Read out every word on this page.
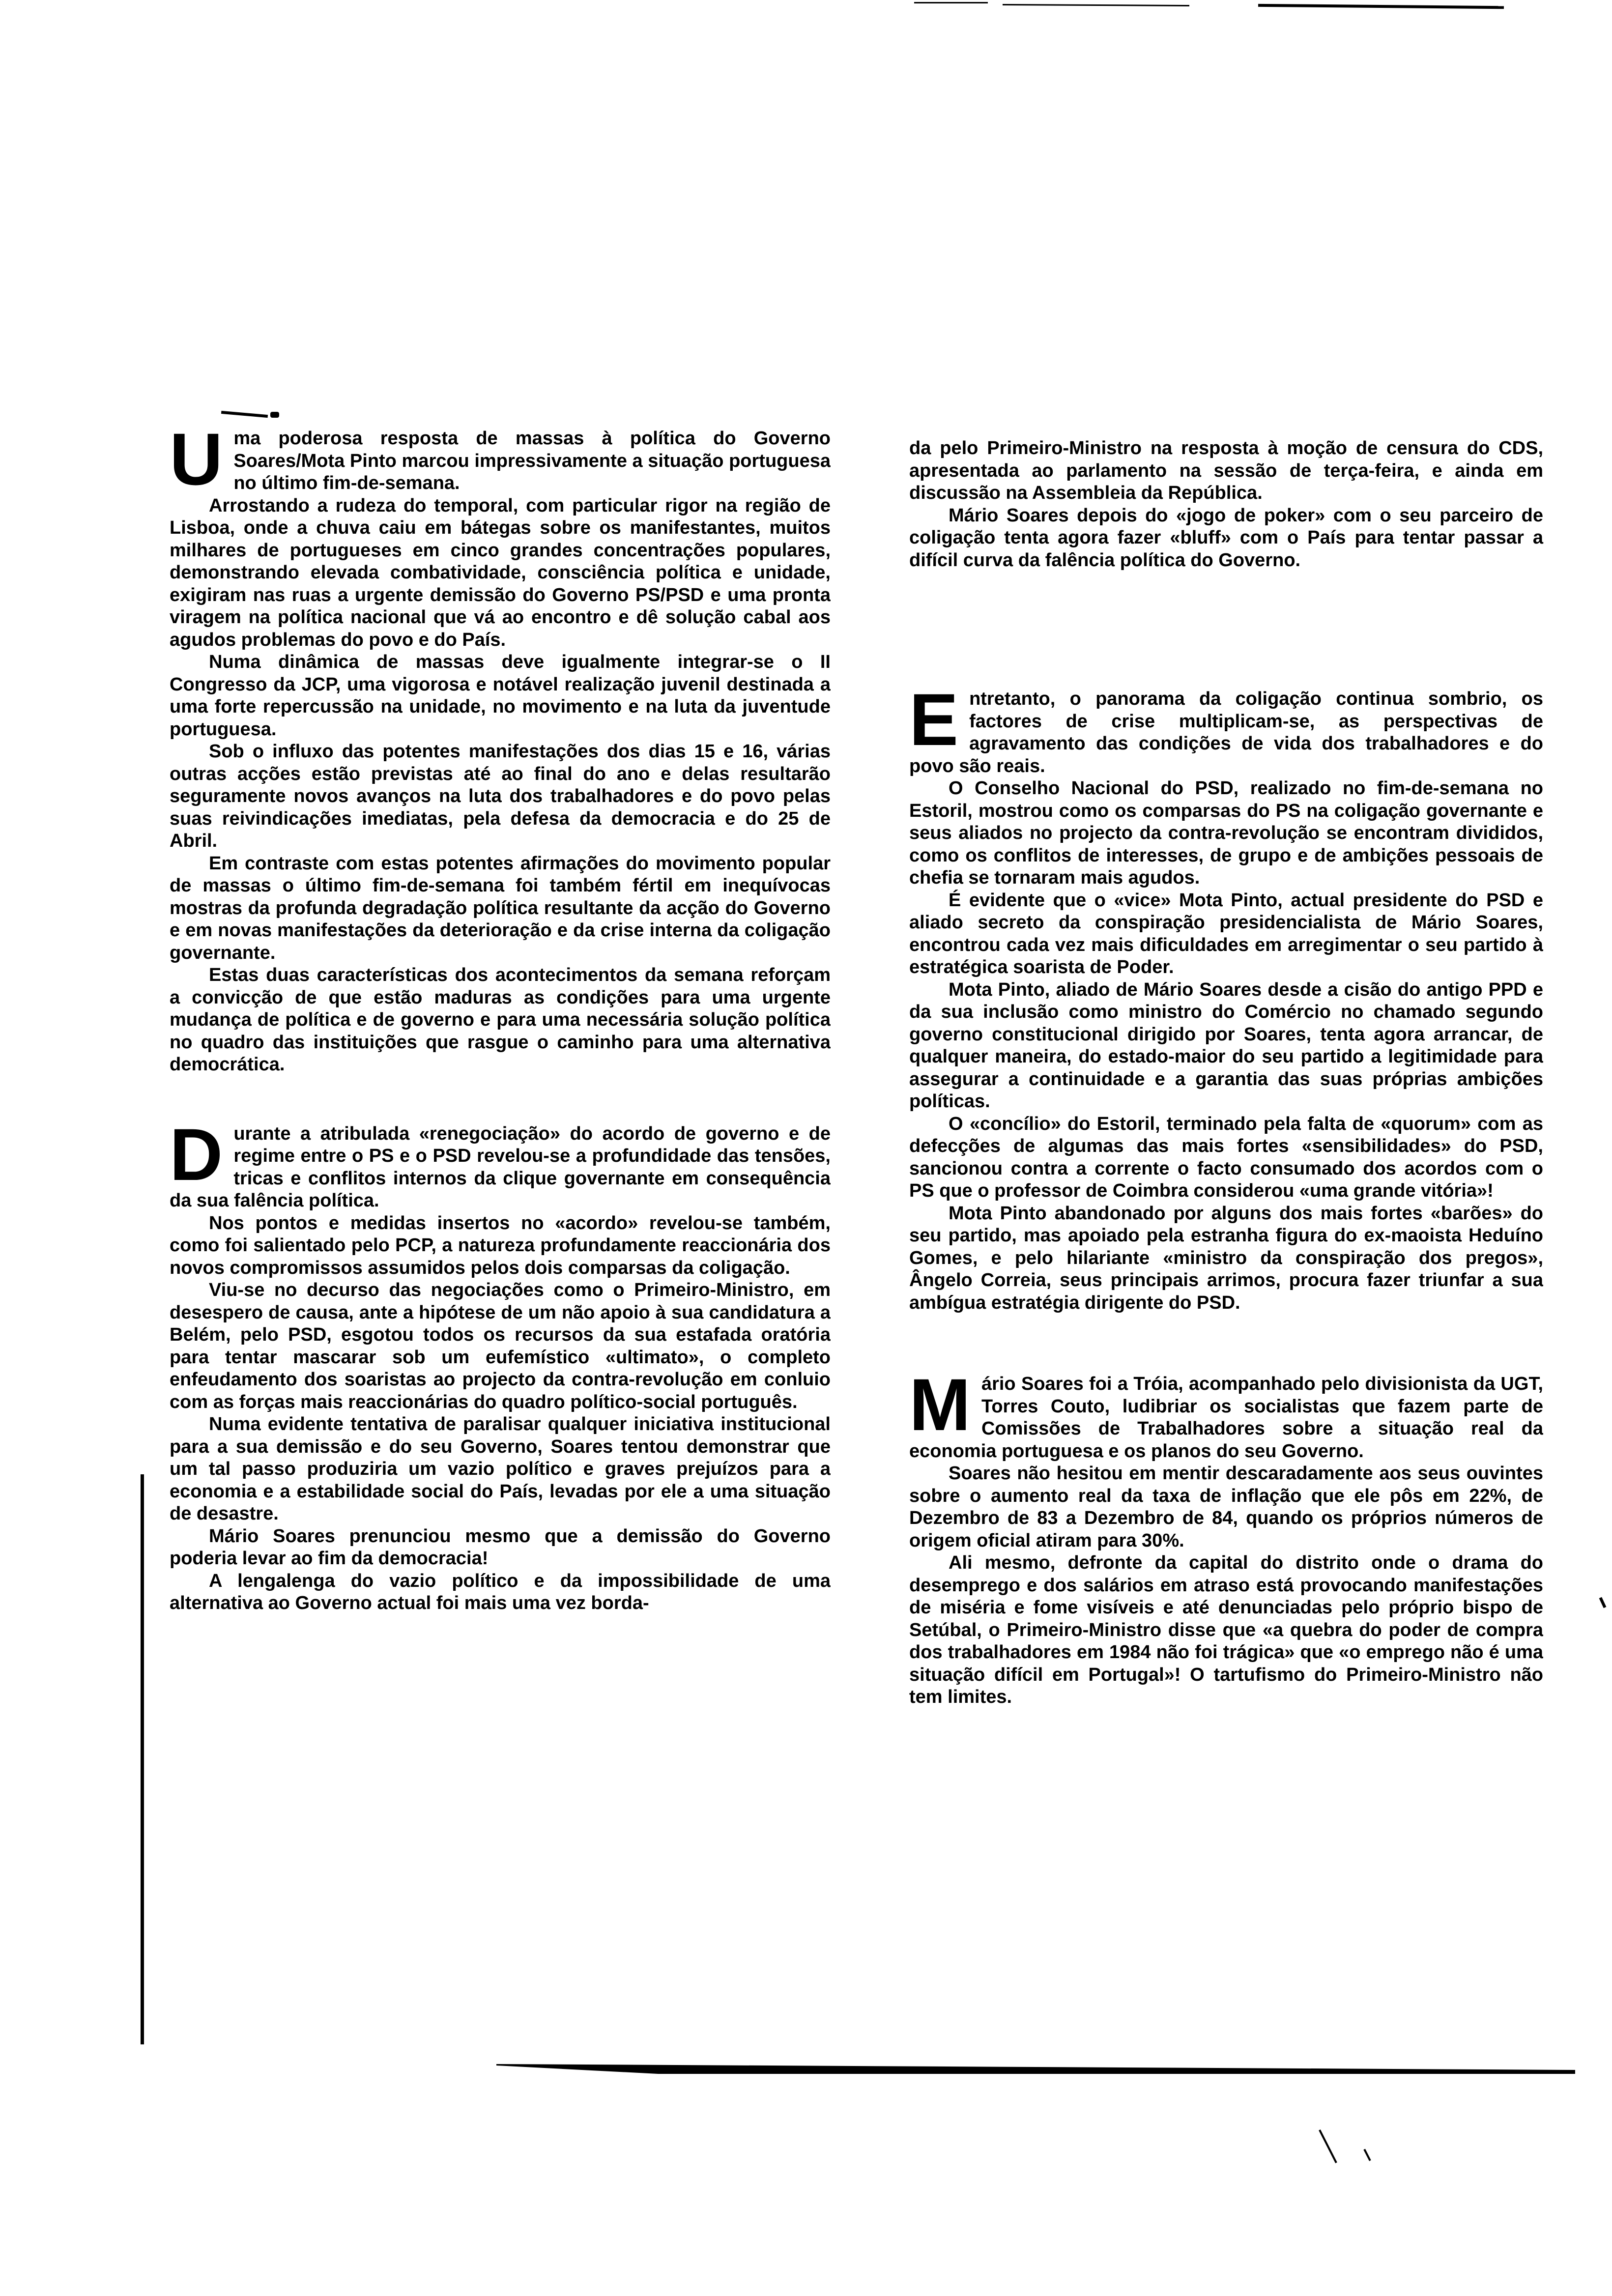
U ma poderosa resposta de massas à política do Governo Soares/Mota Pinto marcou impressivamente a situação portuguesa no último fim-de-semana.

Arrostando a rudeza do temporal, com particular rigor na região de Lisboa, onde a chuva caiu em bátegas sobre os manifestantes, muitos milhares de portugueses em cinco grandes concentrações populares, demonstrando elevada combatividade, consciência política e unidade, exigiram nas ruas a urgente demissão do Governo PS/PSD e uma pronta viragem na política nacional que vá ao encontro e dê solução cabal aos agudos problemas do povo e do País.

Numa dinâmica de massas deve igualmente integrar-se o II Congresso da JCP, uma vigorosa e notável realização juvenil destinada a uma forte repercussão na unidade, no movimento e na luta da juventude portuguesa.

Sob o influxo das potentes manifestações dos dias 15 e 16, várias outras acções estão previstas até ao final do ano e delas resultarão seguramente novos avanços na luta dos trabalhadores e do povo pelas suas reivindicações imediatas, pela defesa da democracia e do 25 de Abril.

Em contraste com estas potentes afirmações do movimento popular de massas o último fim-de-semana foi também fértil em inequívocas mostras da profunda degradação política resultante da acção do Governo e em novas manifestações da deterioração e da crise interna da coligação governante.

Estas duas características dos acontecimentos da semana reforçam a convicção de que estão maduras as condições para uma urgente mudança de política e de governo e para uma necessária solução política no quadro das instituições que rasgue o caminho para uma alternativa democrática.

D urante a atribulada «renegociação» do acordo de governo e de regime entre o PS e o PSD revelou-se a profundidade das tensões, tricas e conflitos internos da clique governante em consequência da sua falência política.

Nos pontos e medidas insertos no «acordo» revelou-se também, como foi salientado pelo PCP, a natureza profundamente reaccionária dos novos compromissos assumidos pelos dois comparsas da coligação.

Viu-se no decurso das negociações como o Primeiro-Ministro, em desespero de causa, ante a hipótese de um não apoio à sua candidatura a Belém, pelo PSD, esgotou todos os recursos da sua estafada oratória para tentar mascarar sob um eufemístico «ultimato», o completo enfeudamento dos soaristas ao projecto da contra-revolução em conluio com as forças mais reaccionárias do quadro político-social português.

Numa evidente tentativa de paralisar qualquer iniciativa institucional para a sua demissão e do seu Governo, Soares tentou demonstrar que um tal passo produziria um vazio político e graves prejuízos para a economia e a estabilidade social do País, levadas por ele a uma situação de desastre.

Mário Soares prenunciou mesmo que a demissão do Governo poderia levar ao fim da democracia!

A lengalenga do vazio político e da impossibilidade de uma alternativa ao Governo actual foi mais uma vez borda-

da pelo Primeiro-Ministro na resposta à moção de censura do CDS, apresentada ao parlamento na sessão de terça-feira, e ainda em discussão na Assembleia da República.

Mário Soares depois do «jogo de poker» com o seu parceiro de coligação tenta agora fazer «bluff» com o País para tentar passar a difícil curva da falência política do Governo.

E ntretanto, o panorama da coligação continua sombrio, os factores de crise multiplicam-se, as perspectivas de agravamento das condições de vida dos trabalhadores e do povo são reais.

O Conselho Nacional do PSD, realizado no fim-de-semana no Estoril, mostrou como os comparsas do PS na coligação governante e seus aliados no projecto da contra-revolução se encontram divididos, como os conflitos de interesses, de grupo e de ambições pessoais de chefia se tornaram mais agudos.

É evidente que o «vice» Mota Pinto, actual presidente do PSD e aliado secreto da conspiração presidencialista de Mário Soares, encontrou cada vez mais dificuldades em arregimentar o seu partido à estratégica soarista de Poder.

Mota Pinto, aliado de Mário Soares desde a cisão do antigo PPD e da sua inclusão como ministro do Comércio no chamado segundo governo constitucional dirigido por Soares, tenta agora arrancar, de qualquer maneira, do estado-maior do seu partido a legitimidade para assegurar a continuidade e a garantia das suas próprias ambições políticas.

O «concílio» do Estoril, terminado pela falta de «quorum» com as defecções de algumas das mais fortes «sensibilidades» do PSD, sancionou contra a corrente o facto consumado dos acordos com o PS que o professor de Coimbra considerou «uma grande vitória»!

Mota Pinto abandonado por alguns dos mais fortes «barões» do seu partido, mas apoiado pela estranha figura do ex-maoista Heduíno Gomes, e pelo hilariante «ministro da conspiração dos pregos», Ângelo Correia, seus principais arrimos, procura fazer triunfar a sua ambígua estratégia dirigente do PSD.

M ário Soares foi a Tróia, acompanhado pelo divisionista da UGT, Torres Couto, ludibriar os socialistas que fazem parte de Comissões de Trabalhadores sobre a situação real da economia portuguesa e os planos do seu Governo.

Soares não hesitou em mentir descaradamente aos seus ouvintes sobre o aumento real da taxa de inflação que ele pôs em 22%, de Dezembro de 83 a Dezembro de 84, quando os próprios números de origem oficial atiram para 30%.

Ali mesmo, defronte da capital do distrito onde o drama do desemprego e dos salários em atraso está provocando manifestações de miséria e fome visíveis e até denunciadas pelo próprio bispo de Setúbal, o Primeiro-Ministro disse que «a quebra do poder de compra dos trabalhadores em 1984 não foi trágica» que «o emprego não é uma situação difícil em Portugal»! O tartufismo do Primeiro-Ministro não tem limites.
